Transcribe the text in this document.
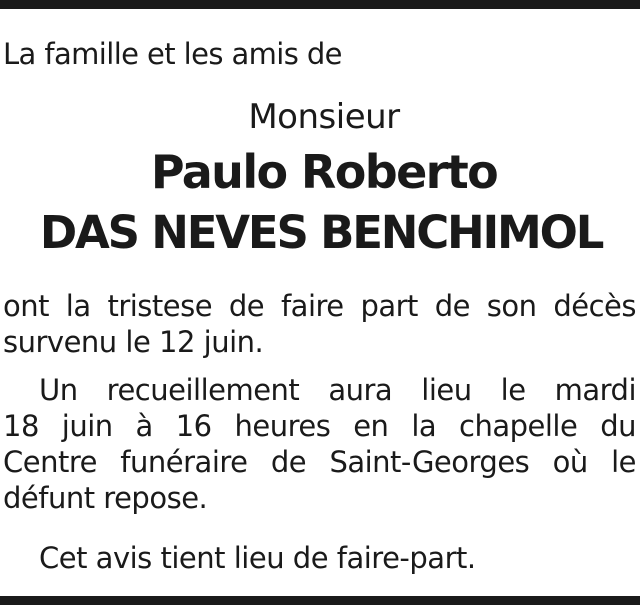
La famille et les amis de
Monsieur
Paulo Roberto
DAS NEVES BENCHIMOL
ont la tristese de faire part de son décès
survenu le 12 juin.
Un recueillement aura lieu le mardi
18 juin à 16 heures en la chapelle du
Centre funéraire de Saint-Georges où le
défunt repose.
Cet avis tient lieu de faire-part.
